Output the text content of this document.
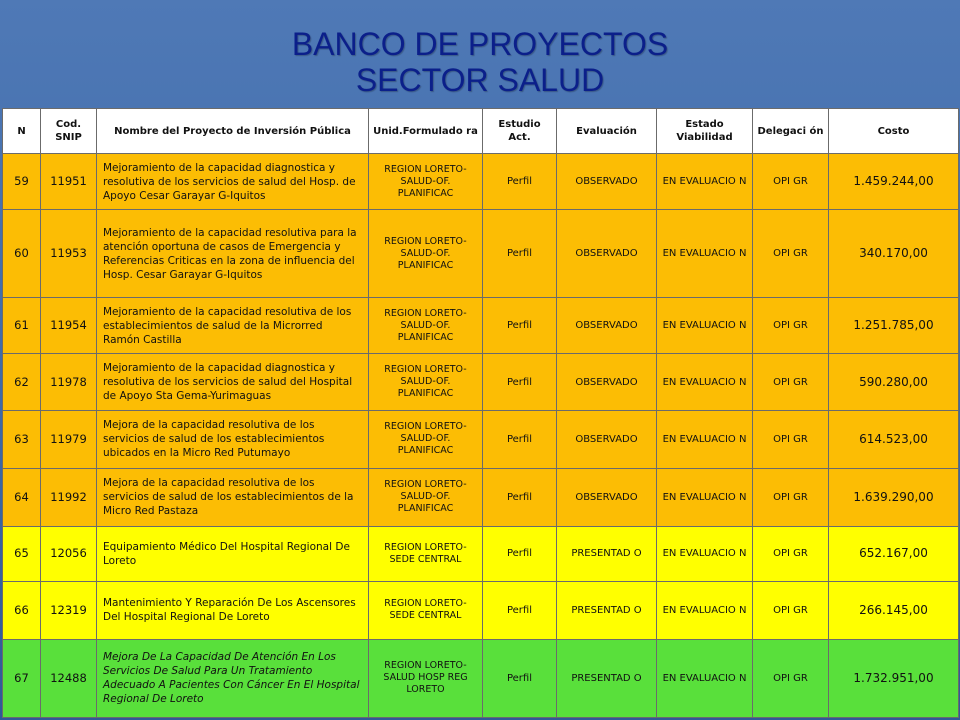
BANCO DE PROYECTOS
SECTOR SALUD
N	Cod. SNIP	Nombre del Proyecto de Inversión Pública	Unid.Formulado ra	Estudio Act.	Evaluación	Estado Viabilidad	Delegaci ón	Costo
59	11951	Mejoramiento de la capacidad diagnostica y resolutiva de los servicios de salud del Hosp. de Apoyo Cesar Garayar G-Iquitos	REGION LORETO-SALUD-OF. PLANIFICAC	Perfil	OBSERVADO	EN EVALUACIO N	OPI GR	1.459.244,00
60	11953	Mejoramiento de la capacidad resolutiva para la atención oportuna de casos de Emergencia y Referencias Criticas en la zona de influencia del Hosp. Cesar Garayar G-Iquitos	REGION LORETO-SALUD-OF. PLANIFICAC	Perfil	OBSERVADO	EN EVALUACIO N	OPI GR	340.170,00
61	11954	Mejoramiento de la capacidad resolutiva de los establecimientos de salud de la Microrred Ramón Castilla	REGION LORETO-SALUD-OF. PLANIFICAC	Perfil	OBSERVADO	EN EVALUACIO N	OPI GR	1.251.785,00
62	11978	Mejoramiento de la capacidad diagnostica y resolutiva de los servicios de salud del Hospital de Apoyo Sta Gema-Yurimaguas	REGION LORETO-SALUD-OF. PLANIFICAC	Perfil	OBSERVADO	EN EVALUACIO N	OPI GR	590.280,00
63	11979	Mejora de la capacidad resolutiva de los servicios de salud de los establecimientos ubicados en la Micro Red Putumayo	REGION LORETO-SALUD-OF. PLANIFICAC	Perfil	OBSERVADO	EN EVALUACIO N	OPI GR	614.523,00
64	11992	Mejora de la capacidad resolutiva de los servicios de salud de los establecimientos de la Micro Red Pastaza	REGION LORETO-SALUD-OF. PLANIFICAC	Perfil	OBSERVADO	EN EVALUACIO N	OPI GR	1.639.290,00
65	12056	Equipamiento Médico Del Hospital Regional De Loreto	REGION LORETO-SEDE CENTRAL	Perfil	PRESENTAD O	EN EVALUACIO N	OPI GR	652.167,00
66	12319	Mantenimiento Y Reparación De Los Ascensores Del Hospital Regional De Loreto	REGION LORETO-SEDE CENTRAL	Perfil	PRESENTAD O	EN EVALUACIO N	OPI GR	266.145,00
67	12488	Mejora De La Capacidad De Atención En Los Servicios De Salud Para Un Tratamiento Adecuado A Pacientes Con Cáncer En El Hospital Regional De Loreto	REGION LORETO-SALUD HOSP REG LORETO	Perfil	PRESENTAD O	EN EVALUACIO N	OPI GR	1.732.951,00
